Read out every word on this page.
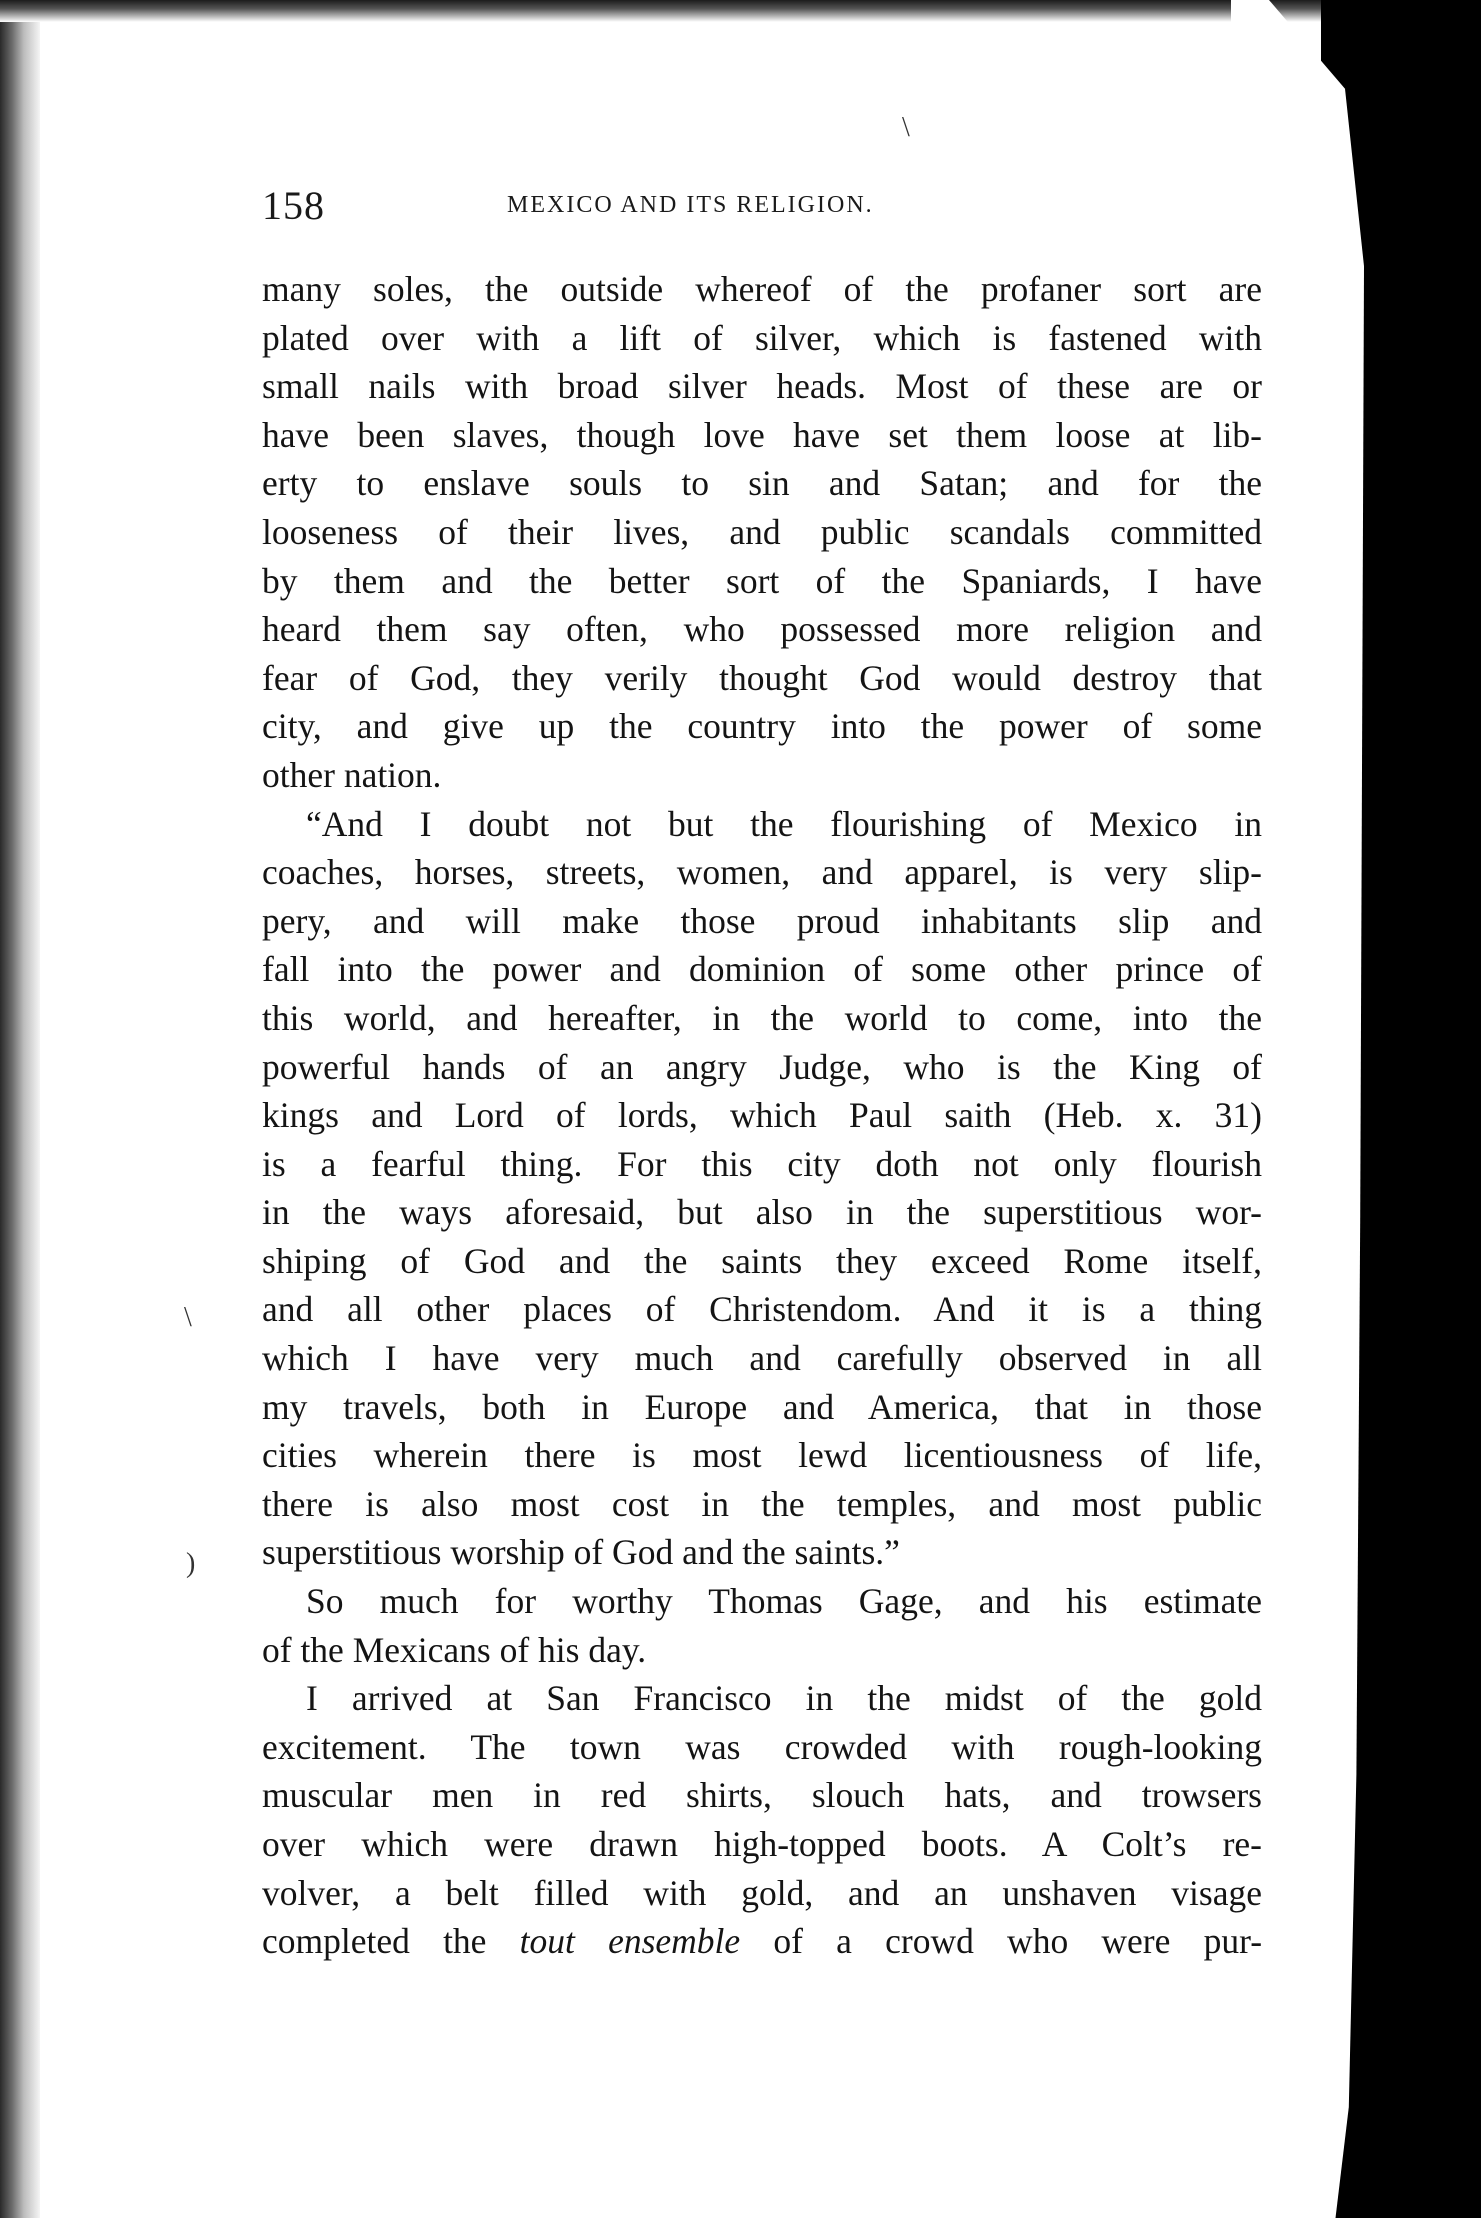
158	MEXICO AND ITS RELIGION.
many soles, the outside whereof of the profaner sort are
plated over with a lift of silver, which is fastened with
small nails with broad silver heads. Most of these are or
have been slaves, though love have set them loose at lib-
erty to enslave souls to sin and Satan; and for the
looseness of their lives, and public scandals committed
by them and the better sort of the Spaniards, I have
heard them say often, who possessed more religion and
fear of God, they verily thought God would destroy that
city, and give up the country into the power of some
other nation.
“And I doubt not but the flourishing of Mexico in
coaches, horses, streets, women, and apparel, is very slip-
pery, and will make those proud inhabitants slip and
fall into the power and dominion of some other prince of
this world, and hereafter, in the world to come, into the
powerful hands of an angry Judge, who is the King of
kings and Lord of lords, which Paul saith (Heb. x. 31)
is a fearful thing. For this city doth not only flourish
in the ways aforesaid, but also in the superstitious wor-
shiping of God and the saints they exceed Rome itself,
and all other places of Christendom. And it is a thing
which I have very much and carefully observed in all
my travels, both in Europe and America, that in those
cities wherein there is most lewd licentiousness of life,
there is also most cost in the temples, and most public
superstitious worship of God and the saints.”
So much for worthy Thomas Gage, and his estimate
of the Mexicans of his day.
I arrived at San Francisco in the midst of the gold
excitement. The town was crowded with rough-looking
muscular men in red shirts, slouch hats, and trowsers
over which were drawn high-topped boots. A Colt’s re-
volver, a belt filled with gold, and an unshaven visage
completed the tout ensemble of a crowd who were pur-
\
)
\
